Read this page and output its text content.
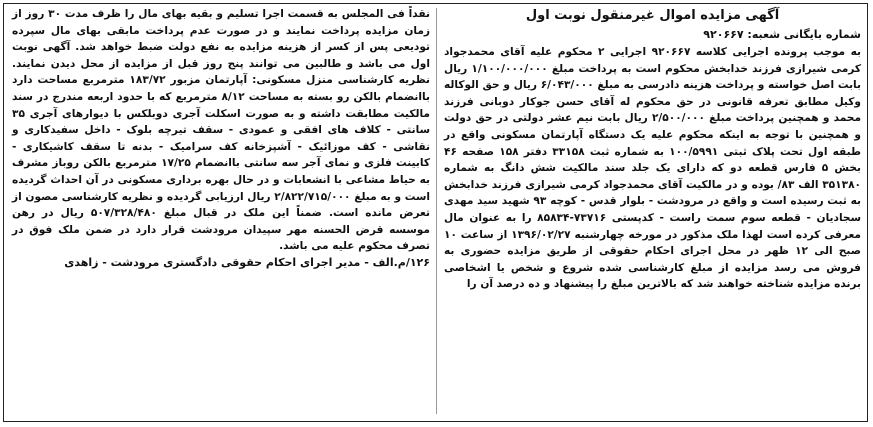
آگهی مزایده اموال غیرمنقول نوبت اول

شماره بایگانی شعبه: ۹۲۰۶۶۷

به موجب پرونده اجرایی کلاسه ۹۲۰۶۶۷ اجرایی ۲ محکوم علیه آقای محمدجواد کرمی شیرازی فرزند خدابخش محکوم است به پرداخت مبلغ ۱/۱۰۰/۰۰۰/۰۰۰ ریال بابت اصل خواسته و پرداخت هزینه دادرسی به مبلغ ۶/۰۴۳/۰۰۰ ریال و حق الوکاله وکیل مطابق تعرفه قانونی در حق محکوم له آقای حسن جوکار دوبانی فرزند محمد و همچنین پرداخت مبلغ ۲/۵۰۰/۰۰۰ ریال بابت نیم عشر دولتی در حق دولت و همچنین با توجه به اینکه محکوم علیه یک دستگاه آپارتمان مسکونی واقع در طبقه اول تحت پلاک ثبتی ۱۰۰/۵۹۹۱ به شماره ثبت ۳۳۱۵۸ دفتر ۱۵۸ صفحه ۴۶ بخش ۵ فارس قطعه دو که دارای یک جلد سند مالکیت شش دانگ به شماره ۳۵۱۳۸۰ الف ۸۳/ بوده و در مالکیت آقای محمدجواد کرمی شیرازی فرزند خدابخش به ثبت رسیده است و واقع در مرودشت - بلوار قدس - کوچه ۹۳ شهید سید مهدی سجادیان - قطعه سوم سمت راست - کدپستی ۷۳۷۱۶-۸۵۸۳۴ را به عنوان مال معرفی کرده است لهذا ملک مذکور در مورخه چهارشنبه ۱۳۹۶/۰۲/۲۷ از ساعت ۱۰ صبح الی ۱۲ ظهر در محل اجرای احکام حقوقی از طریق مزایده حضوری به فروش می رسد مزایده از مبلغ کارشناسی شده شروع و شخص یا اشخاصی برنده مزایده شناخته خواهند شد که بالاترین مبلغ را پیشنهاد و ده درصد آن را

نقداً فی المجلس به قسمت اجرا تسلیم و بقیه بهای مال را ظرف مدت ۳۰ روز از زمان مزایده پرداخت نمایند و در صورت عدم پرداخت مابقی بهای مال سپرده تودیعی پس از کسر از هزینه مزایده به نفع دولت ضبط خواهد شد. آگهی نوبت اول می باشد و طالبین می توانند پنج روز قبل از مزایده از محل دیدن نمایند. نظریه کارشناسی منزل مسکونی: آپارتمان مزبور ۱۸۳/۷۲ مترمربع مساحت دارد باانضمام بالکن رو بسته به مساحت ۸/۱۲ مترمربع که با حدود اربعه مندرج در سند مالکیت مطابقت داشته و به صورت اسکلت آجری دوبلکس با دیوارهای آجری ۳۵ سانتی - کلاف های افقی و عمودی - سقف تیرچه بلوک - داخل سفیدکاری و نقاشی - کف موزائیک - آشپزخانه کف سرامیک - بدنه تا سقف کاشیکاری - کابینت فلزی و نمای آجر سه سانتی باانضمام ۱۷/۲۵ مترمربع بالکن روباز مشرف به حیاط مشاعی با انشعابات و در حال بهره برداری مسکونی در آن احداث گردیده است و به مبلغ ۲/۸۲۲/۷۱۵/۰۰۰ ریال ارزیابی گردیده و نظریه کارشناسی مصون از تعرض مانده است. ضمناً این ملک در قبال مبلغ ۵۰۷/۳۲۸/۴۸۰ ریال در رهن موسسه قرض الحسنه مهر سپیدان مرودشت قرار دارد در ضمن ملک فوق در تصرف محکوم علیه می باشد.

۱۲۶/م.الف - مدیر اجرای احکام حقوقی دادگستری مرودشت - زاهدی
